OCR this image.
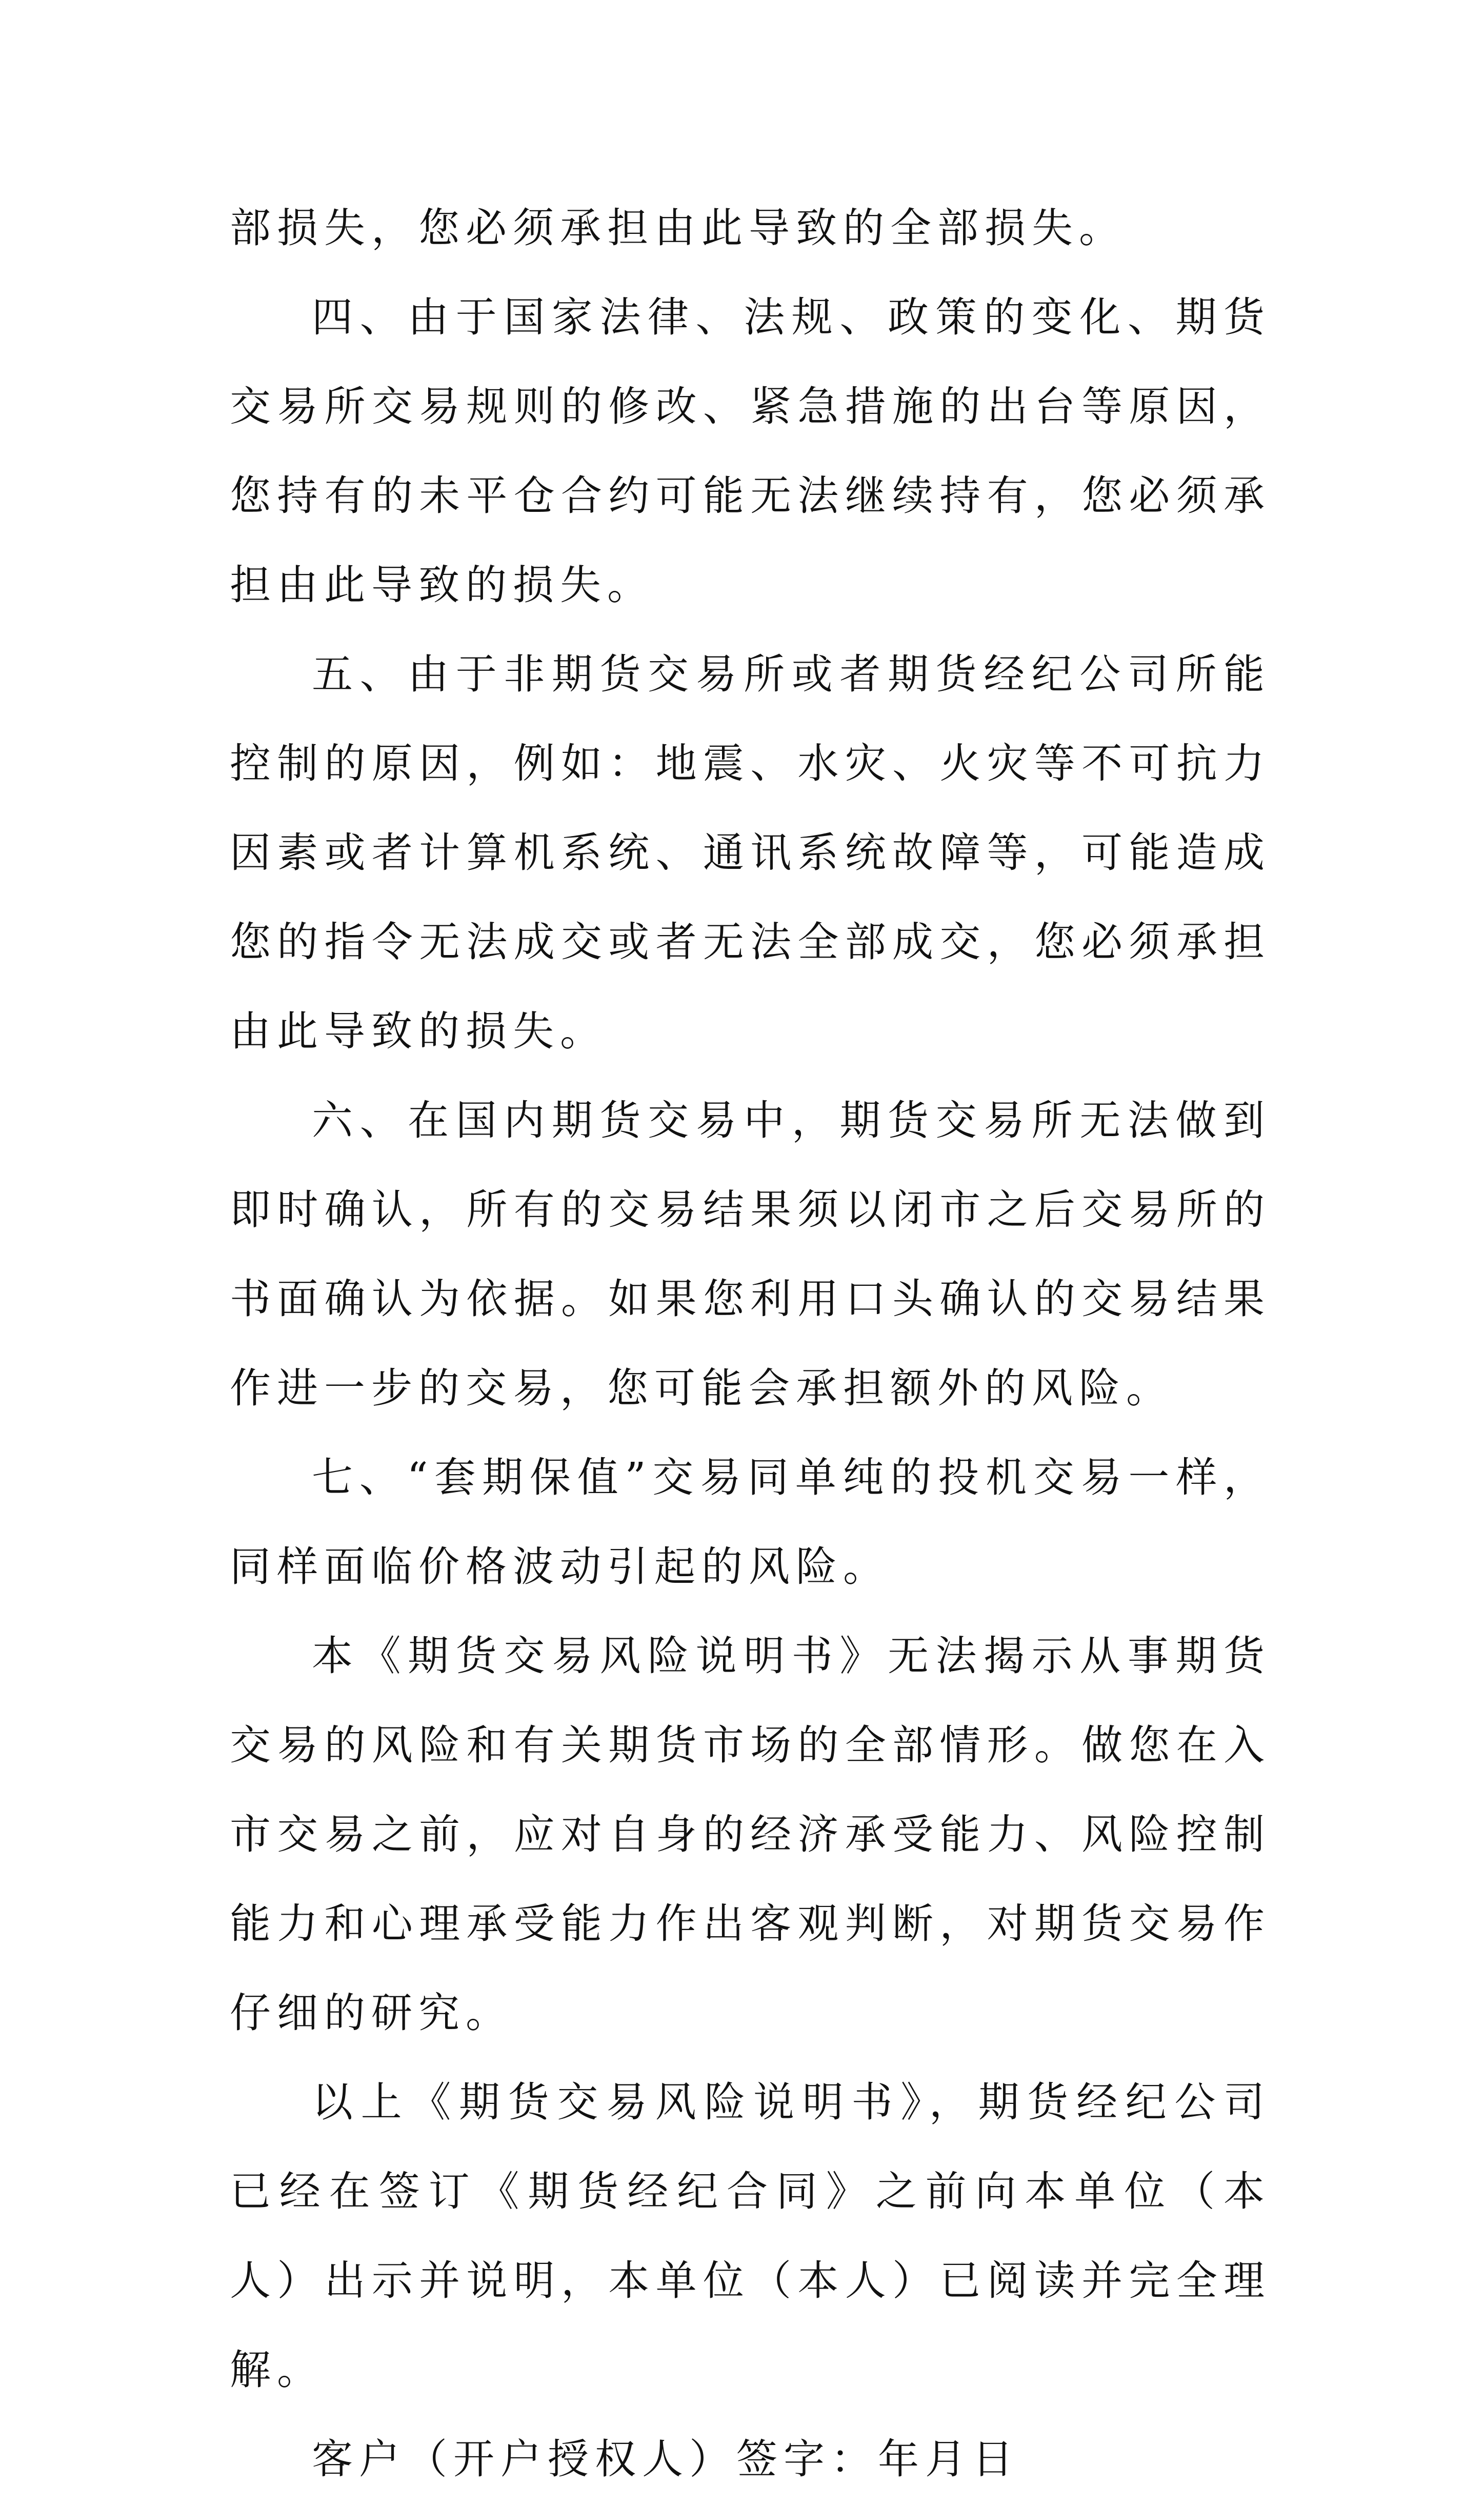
部损失，您必须承担由此导致的全部损失。

四、由于国家法律、法规、政策的变化、期货交易所交易规则的修改、紧急措施的出台等原因，您持有的未平仓合约可能无法继续持有，您必须承担由此导致的损失。

五、由于非期货交易所或者期货经纪公司所能控制的原因，例如：地震、水灾、火灾等不可抗力因素或者计算机系统、通讯系统故障等，可能造成您的指令无法成交或者无法全部成交，您必须承担由此导致的损失。

六、在国内期货交易中，期货交易所无法做到即时确认，所有的交易结果须以闭市之后交易所的书面确认为依据。如果您利用口头确认的交易结果作进一步的交易，您可能会承担额外的风险。

七、“套期保值”交易同单纯的投机交易一样，同样面临价格波动引起的风险。

本《期货交易风险说明书》无法揭示从事期货交易的风险和有关期货市场的全部情形。做您在入市交易之前，应对自身的经济承受能力、风险控制能力和心理承受能力作出客观判断，对期货交易作仔细的研究。

以上《期货交易风险说明书》，期货经纪公司已经在签订《期货经纪合同》之前向本单位（本人）出示并说明，本单位（本人）已阅读并完全理解。

客户（开户授权人）签字：年月日
